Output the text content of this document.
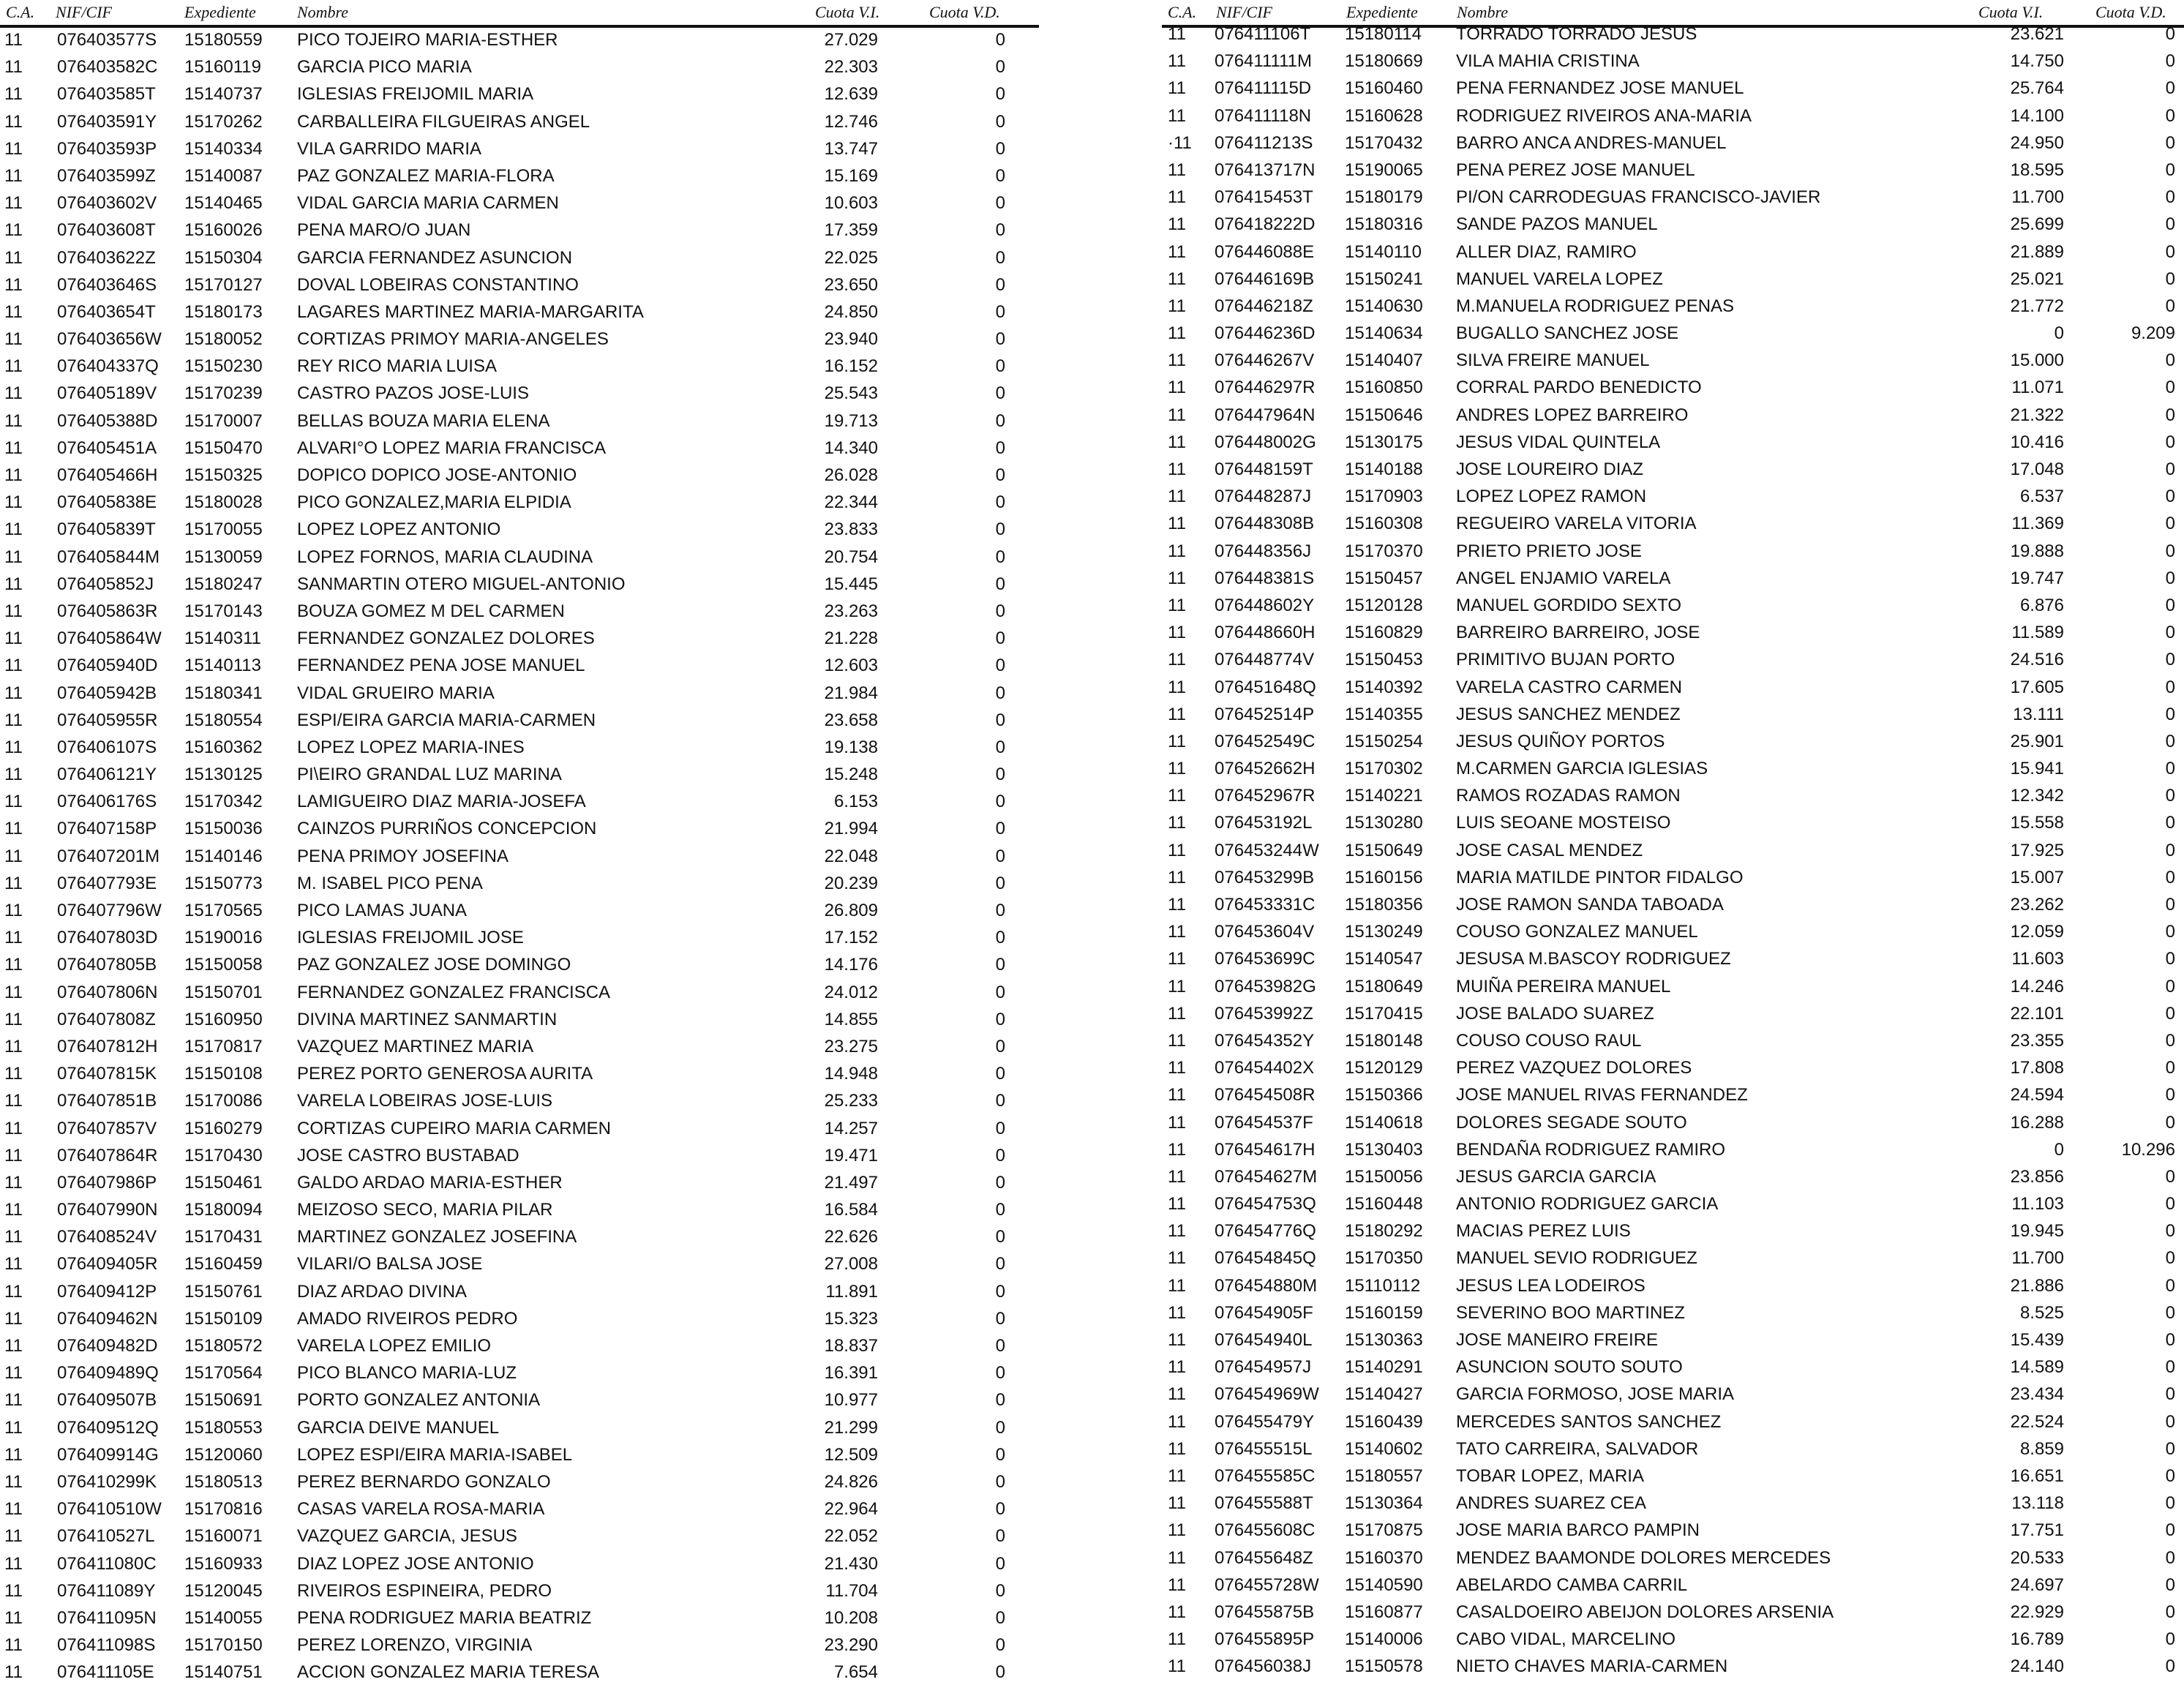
C.A. NIF/CIF	Expediente	Nombre	Cuota V.I.	Cuota V.D.
11 076403577S 15180559 PICO TOJEIRO MARIA-ESTHER	27.029	0
11 076403582C 15160119 GARCIA PICO MARIA	22.303	0
11 076403585T 15140737 IGLESIAS FREIJOMIL MARIA	12.639	0
11 076403591Y 15170262 CARBALLEIRA FILGUEIRAS ANGEL	12.746	0
11 076403593P 15140334 VILA GARRIDO MARIA	13.747	0
11 076403599Z 15140087 PAZ GONZALEZ MARIA-FLORA	15.169	0
11 076403602V 15140465 VIDAL GARCIA MARIA CARMEN	10.603	0
11 076403608T 15160026 PENA MARO/O JUAN	17.359	0
11 076403622Z 15150304 GARCIA FERNANDEZ ASUNCION	22.025	0
11 076403646S 15170127 DOVAL LOBEIRAS CONSTANTINO	23.650	0
11 076403654T 15180173 LAGARES MARTINEZ MARIA-MARGARITA	24.850	0
11 076403656W 15180052 CORTIZAS PRIMOY MARIA-ANGELES	23.940	0
11 076404337Q 15150230 REY RICO MARIA LUISA	16.152	0
11 076405189V 15170239 CASTRO PAZOS JOSE-LUIS	25.543	0
11 076405388D 15170007 BELLAS BOUZA MARIA ELENA	19.713	0
11 076405451A 15150470 ALVARI°O LOPEZ MARIA FRANCISCA	14.340	0
11 076405466H 15150325 DOPICO DOPICO JOSE-ANTONIO	26.028	0
11 076405838E 15180028 PICO GONZALEZ,MARIA ELPIDIA	22.344	0
11 076405839T 15170055 LOPEZ LOPEZ ANTONIO	23.833	0
11 076405844M 15130059 LOPEZ FORNOS, MARIA CLAUDINA	20.754	0
11 076405852J 15180247 SANMARTIN OTERO MIGUEL-ANTONIO	15.445	0
11 076405863R 15170143 BOUZA GOMEZ M DEL CARMEN	23.263	0
11 076405864W 15140311 FERNANDEZ GONZALEZ DOLORES	21.228	0
11 076405940D 15140113 FERNANDEZ PENA JOSE MANUEL	12.603	0
11 076405942B 15180341 VIDAL GRUEIRO MARIA	21.984	0
11 076405955R 15180554 ESPI/EIRA GARCIA MARIA-CARMEN	23.658	0
11 076406107S 15160362 LOPEZ LOPEZ MARIA-INES	19.138	0
11 076406121Y 15130125 PI\EIRO GRANDAL LUZ MARINA	15.248	0
11 076406176S 15170342 LAMIGUEIRO DIAZ MARIA-JOSEFA	6.153	0
11 076407158P 15150036 CAINZOS PURRIÑOS CONCEPCION	21.994	0
11 076407201M 15140146 PENA PRIMOY JOSEFINA	22.048	0
11 076407793E 15150773 M. ISABEL PICO PENA	20.239	0
11 076407796W 15170565 PICO LAMAS JUANA	26.809	0
11 076407803D 15190016 IGLESIAS FREIJOMIL JOSE	17.152	0
11 076407805B 15150058 PAZ GONZALEZ JOSE DOMINGO	14.176	0
11 076407806N 15150701 FERNANDEZ GONZALEZ FRANCISCA	24.012	0
11 076407808Z 15160950 DIVINA MARTINEZ SANMARTIN	14.855	0
11 076407812H 15170817 VAZQUEZ MARTINEZ MARIA	23.275	0
11 076407815K 15150108 PEREZ PORTO GENEROSA AURITA	14.948	0
11 076407851B 15170086 VARELA LOBEIRAS JOSE-LUIS	25.233	0
11 076407857V 15160279 CORTIZAS CUPEIRO MARIA CARMEN	14.257	0
11 076407864R 15170430 JOSE CASTRO BUSTABAD	19.471	0
11 076407986P 15150461 GALDO ARDAO MARIA-ESTHER	21.497	0
11 076407990N 15180094 MEIZOSO SECO, MARIA PILAR	16.584	0
11 076408524V 15170431 MARTINEZ GONZALEZ JOSEFINA	22.626	0
11 076409405R 15160459 VILARI/O BALSA JOSE	27.008	0
11 076409412P 15150761 DIAZ ARDAO DIVINA	11.891	0
11 076409462N 15150109 AMADO RIVEIROS PEDRO	15.323	0
11 076409482D 15180572 VARELA LOPEZ EMILIO	18.837	0
11 076409489Q 15170564 PICO BLANCO MARIA-LUZ	16.391	0
11 076409507B 15150691 PORTO GONZALEZ ANTONIA	10.977	0
11 076409512Q 15180553 GARCIA DEIVE MANUEL	21.299	0
11 076409914G 15120060 LOPEZ ESPI/EIRA MARIA-ISABEL	12.509	0
11 076410299K 15180513 PEREZ BERNARDO GONZALO	24.826	0
11 076410510W 15170816 CASAS VARELA ROSA-MARIA	22.964	0
11 076410527L 15160071 VAZQUEZ GARCIA, JESUS	22.052	0
11 076411080C 15160933 DIAZ LOPEZ JOSE ANTONIO	21.430	0
11 076411089Y 15120045 RIVEIROS ESPINEIRA, PEDRO	11.704	0
11 076411095N 15140055 PENA RODRIGUEZ MARIA BEATRIZ	10.208	0
11 076411098S 15170150 PEREZ LORENZO, VIRGINIA	23.290	0
11 076411105E 15140751 ACCION GONZALEZ MARIA TERESA	7.654	0
C.A. NIF/CIF	Expediente Nombre	Cuota V.I.	Cuota V.D.
11 076411106T 15180114 TORRADO TORRADO JESUS	23.621	0
11 076411111M 15180669 VILA MAHIA CRISTINA	14.750	0
11 076411115D 15160460 PENA FERNANDEZ JOSE MANUEL	25.764	0
11 076411118N 15160628 RODRIGUEZ RIVEIROS ANA-MARIA	14.100	0
·11 076411213S 15170432 BARRO ANCA ANDRES-MANUEL	24.950	0
11 076413717N 15190065 PENA PEREZ JOSE MANUEL	18.595	0
11 076415453T 15180179 PI/ON CARRODEGUAS FRANCISCO-JAVIER	11.700	0
11 076418222D 15180316 SANDE PAZOS MANUEL	25.699	0
11 076446088E 15140110 ALLER DIAZ, RAMIRO	21.889	0
11 076446169B 15150241 MANUEL VARELA LOPEZ	25.021	0
11 076446218Z 15140630 M.MANUELA RODRIGUEZ PENAS	21.772	0
11 076446236D 15140634 BUGALLO SANCHEZ JOSE	0	9.209
11 076446267V 15140407 SILVA FREIRE MANUEL	15.000	0
11 076446297R 15160850 CORRAL PARDO BENEDICTO	11.071	0
11 076447964N 15150646 ANDRES LOPEZ BARREIRO	21.322	0
11 076448002G 15130175 JESUS VIDAL QUINTELA	10.416	0
11 076448159T 15140188 JOSE LOUREIRO DIAZ	17.048	0
11 076448287J 15170903 LOPEZ LOPEZ RAMON	6.537	0
11 076448308B 15160308 REGUEIRO VARELA VITORIA	11.369	0
11 076448356J 15170370 PRIETO PRIETO JOSE	19.888	0
11 076448381S 15150457 ANGEL ENJAMIO VARELA	19.747	0
11 076448602Y 15120128 MANUEL GORDIDO SEXTO	6.876	0
11 076448660H 15160829 BARREIRO BARREIRO, JOSE	11.589	0
11 076448774V 15150453 PRIMITIVO BUJAN PORTO	24.516	0
11 076451648Q 15140392 VARELA CASTRO CARMEN	17.605	0
11 076452514P 15140355 JESUS SANCHEZ MENDEZ	13.111	0
11 076452549C 15150254 JESUS QUIÑOY PORTOS	25.901	0
11 076452662H 15170302 M.CARMEN GARCIA IGLESIAS	15.941	0
11 076452967R 15140221 RAMOS ROZADAS RAMON	12.342	0
11 076453192L 15130280 LUIS SEOANE MOSTEISO	15.558	0
11 076453244W 15150649 JOSE CASAL MENDEZ	17.925	0
11 076453299B 15160156 MARIA MATILDE PINTOR FIDALGO	15.007	0
11 076453331C 15180356 JOSE RAMON SANDA TABOADA	23.262	0
11 076453604V 15130249 COUSO GONZALEZ MANUEL	12.059	0
11 076453699C 15140547 JESUSA M.BASCOY RODRIGUEZ	11.603	0
11 076453982G 15180649 MUIÑA PEREIRA MANUEL	14.246	0
11 076453992Z 15170415 JOSE BALADO SUAREZ	22.101	0
11 076454352Y 15180148 COUSO COUSO RAUL	23.355	0
11 076454402X 15120129 PEREZ VAZQUEZ DOLORES	17.808	0
11 076454508R 15150366 JOSE MANUEL RIVAS FERNANDEZ	24.594	0
11 076454537F 15140618 DOLORES SEGADE SOUTO	16.288	0
11 076454617H 15130403 BENDAÑA RODRIGUEZ RAMIRO	0	10.296
11 076454627M 15150056 JESUS GARCIA GARCIA	23.856	0
11 076454753Q 15160448 ANTONIO RODRIGUEZ GARCIA	11.103	0
11 076454776Q 15180292 MACIAS PEREZ LUIS	19.945	0
11 076454845Q 15170350 MANUEL SEVIO RODRIGUEZ	11.700	0
11 076454880M 15110112 JESUS LEA LODEIROS	21.886	0
11 076454905F 15160159 SEVERINO BOO MARTINEZ	8.525	0
11 076454940L 15130363 JOSE MANEIRO FREIRE	15.439	0
11 076454957J 15140291 ASUNCION SOUTO SOUTO	14.589	0
11 076454969W 15140427 GARCIA FORMOSO, JOSE MARIA	23.434	0
11 076455479Y 15160439 MERCEDES SANTOS SANCHEZ	22.524	0
11 076455515L 15140602 TATO CARREIRA, SALVADOR	8.859	0
11 076455585C 15180557 TOBAR LOPEZ, MARIA	16.651	0
11 076455588T 15130364 ANDRES SUAREZ CEA	13.118	0
11 076455608C 15170875 JOSE MARIA BARCO PAMPIN	17.751	0
11 076455648Z 15160370 MENDEZ BAAMONDE DOLORES MERCEDES	20.533	0
11 076455728W 15140590 ABELARDO CAMBA CARRIL	24.697	0
11 076455875B 15160877 CASALDOEIRO ABEIJON DOLORES ARSENIA	22.929	0
11 076455895P 15140006 CABO VIDAL, MARCELINO	16.789	0
11 076456038J 15150578 NIETO CHAVES MARIA-CARMEN	24.140	0
